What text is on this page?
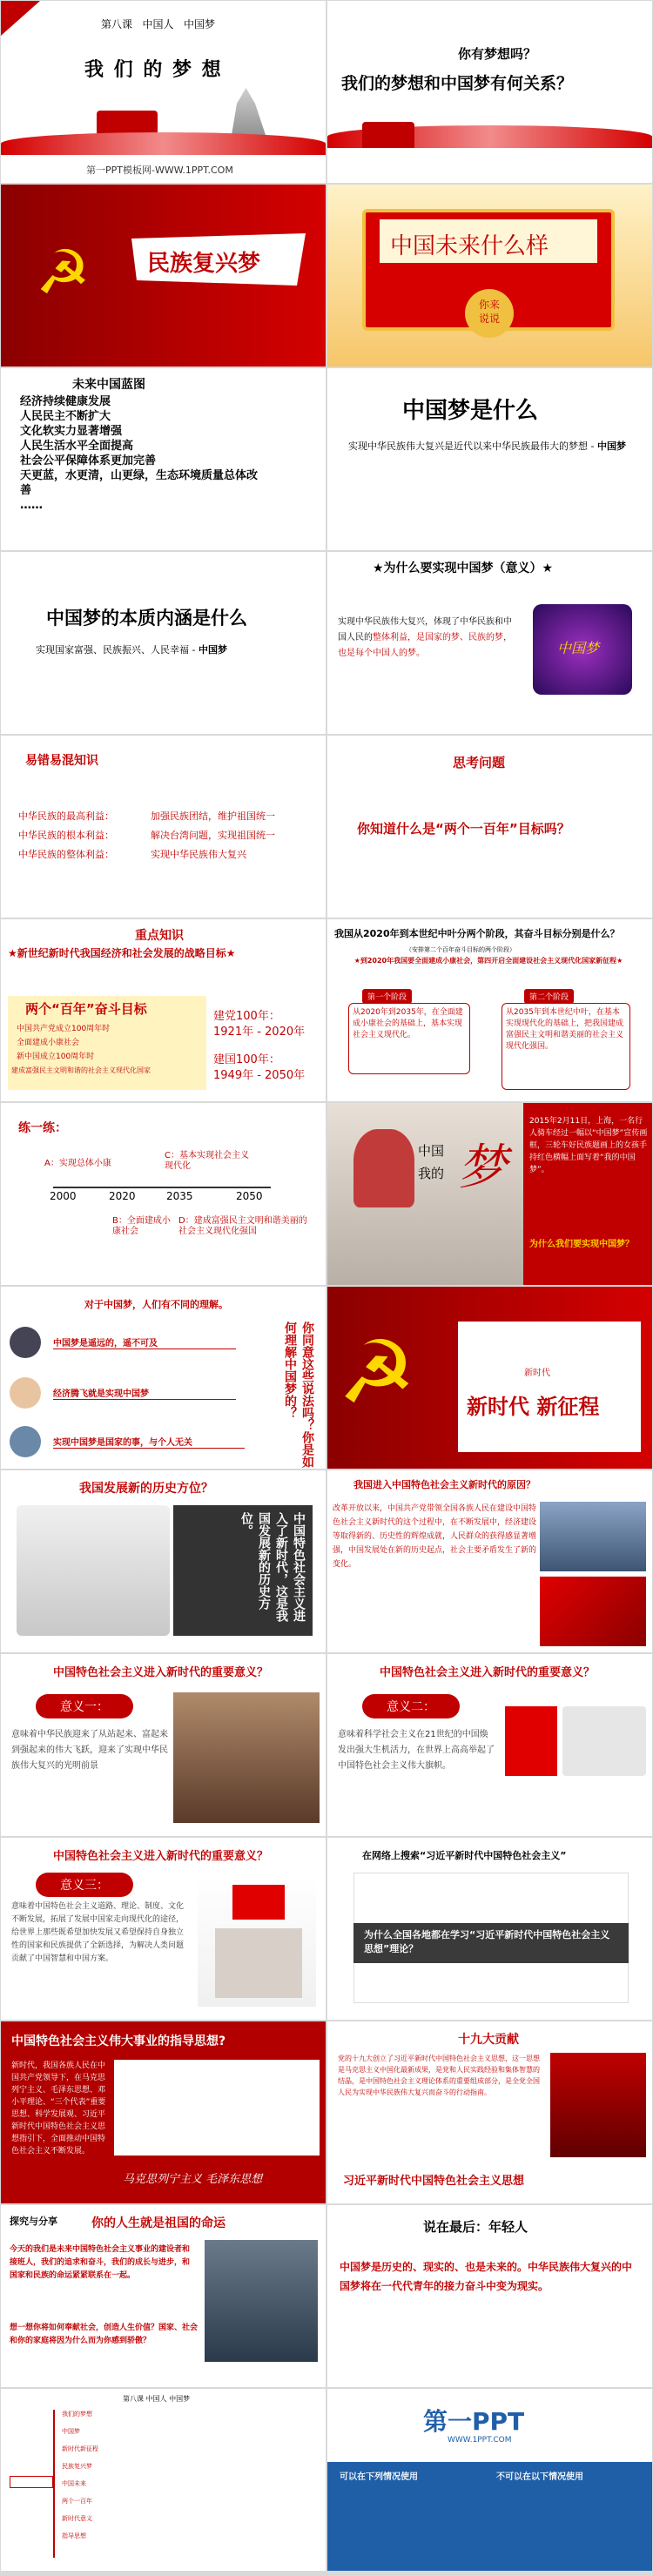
第八课 中国人 中国梦
我 们 的 梦 想
第一PPT模板网-WWW.1PPT.COM
你有梦想吗？
我们的梦想和中国梦有何关系？
☭	民族复兴梦
中国未来什么样
你来
说说
未来中国蓝图
经济持续健康发展
人民民主不断扩大
文化软实力显著增强
人民生活水平全面提高
社会公平保障体系更加完善
天更蓝，水更清，山更绿，生态环境质量总体改善
……
中国梦是什么
实现中华民族伟大复兴是近代以来中华民族最伟大的梦想 - 中国梦
中国梦的本质内涵是什么
实现国家富强、民族振兴、人民幸福 - 中国梦
★为什么要实现中国梦（意义）★
实现中华民族伟大复兴，体现了中华民族和中国人民的整体利益，是国家的梦、民族的梦，也是每个中国人的梦。	中国梦
易错易混知识
中华民族的最高利益：	加强民族团结，维护祖国统一
中华民族的根本利益：	解决台湾问题，实现祖国统一
中华民族的整体利益：	实现中华民族伟大复兴
思考问题
你知道什么是“两个一百年”目标吗？
重点知识
★新世纪新时代我国经济和社会发展的战略目标★
两个“百年”奋斗目标
中国共产党成立100周年时
全面建成小康社会
新中国成立100周年时
建成富强民主文明和谐的社会主义现代化国家
建党100年：
1921年 - 2020年
建国100年：
1949年 - 2050年
我国从2020年到本世纪中叶分两个阶段，其奋斗目标分别是什么？
（安排第二个百年奋斗目标的两个阶段）
★到2020年我国要全面建成小康社会，第四开启全面建设社会主义现代化国家新征程★
第一个阶段
从2020年到2035年，在全面建成小康社会的基础上，基本实现社会主义现代化。
第二个阶段
从2035年到本世纪中叶，在基本实现现代化的基础上，把我国建成富强民主文明和谐美丽的社会主义现代化强国。
练一练：
A：实现总体小康
C：基本实现社会主义现代化
2000	2020	2035	2050
B：全面建成小康社会
D：建成富强民主文明和谐美丽的社会主义现代化强国
中国
我的 梦
2015年2月11日，上海，一名行人骑车经过一幅以“中国梦”宣传画框，三轮车好民族题画上的女孩手持红色横幅上面写着“我的中国梦”。
为什么我们要实现中国梦？
对于中国梦，人们有不同的理解。
中国梦是遥远的，遥不可及
经济腾飞就是实现中国梦
实现中国梦是国家的事，与个人无关	你同意这些说法吗？你是如何理解中国梦的？ ☭	新时代
新时代 新征程
我国发展新的历史方位？
中国特色社会主义进入了新时代，这是我国发展新的历史方位。
我国进入中国特色社会主义新时代的原因？
改革开放以来，中国共产党带领全国各族人民在建设中国特色社会主义新时代的这个过程中，在不断发展中，经济建设等取得新的、历史性的辉煌成就，人民群众的获得感显著增强，中国发展处在新的历史起点，社会主要矛盾发生了新的变化。
中国特色社会主义进入新时代的重要意义？
意义一：
意味着中华民族迎来了从站起来、富起来到强起来的伟大飞跃，迎来了实现中华民族伟大复兴的光明前景
中国特色社会主义进入新时代的重要意义？
意义二：
意味着科学社会主义在21世纪的中国焕发出强大生机活力，在世界上高高举起了中国特色社会主义伟大旗帜。
中国特色社会主义进入新时代的重要意义？
意义三：
意味着中国特色社会主义道路、理论、制度、文化不断发展，拓展了发展中国家走向现代化的途径，给世界上那些既希望加快发展又希望保持自身独立性的国家和民族提供了全新选择，为解决人类问题贡献了中国智慧和中国方案。
在网络上搜索“习近平新时代中国特色社会主义”
为什么全国各地都在学习“习近平新时代中国特色社会主义思想”理论？
中国特色社会主义伟大事业的指导思想?
新时代，我国各族人民在中国共产党领导下，在马克思列宁主义、毛泽东思想、邓小平理论、“三个代表”重要思想、科学发展观、习近平新时代中国特色社会主义思想指引下，全面推动中国特色社会主义不断发展。
马克思列宁主义 毛泽东思想
十九大贡献
党的十九大创立了习近平新时代中国特色社会主义思想，这一思想是马克思主义中国化最新成果，是党和人民实践经验和集体智慧的结晶，是中国特色社会主义理论体系的重要组成部分，是全党全国人民为实现中华民族伟大复兴而奋斗的行动指南。
习近平新时代中国特色社会主义思想
探究与分享	你的人生就是祖国的命运
今天的我们是未来中国特色社会主义事业的建设者和接班人，我们的追求和奋斗，我们的成长与进步，和国家和民族的命运紧紧联系在一起。
想一想你将如何奉献社会，创造人生价值？国家、社会和你的家庭将因为什么而为你感到骄傲？
说在最后：年轻人
中国梦是历史的、现实的、也是未来的。中华民族伟大复兴的中国梦将在一代代青年的接力奋斗中变为现实。
第八课 中国人 中国梦
我们的梦想
中国梦
新时代新征程
民族复兴梦
中国未来
两个一百年
新时代意义
指导思想
第一PPT
WWW.1PPT.COM
可以在下列情况使用	不可以在以下情况使用
